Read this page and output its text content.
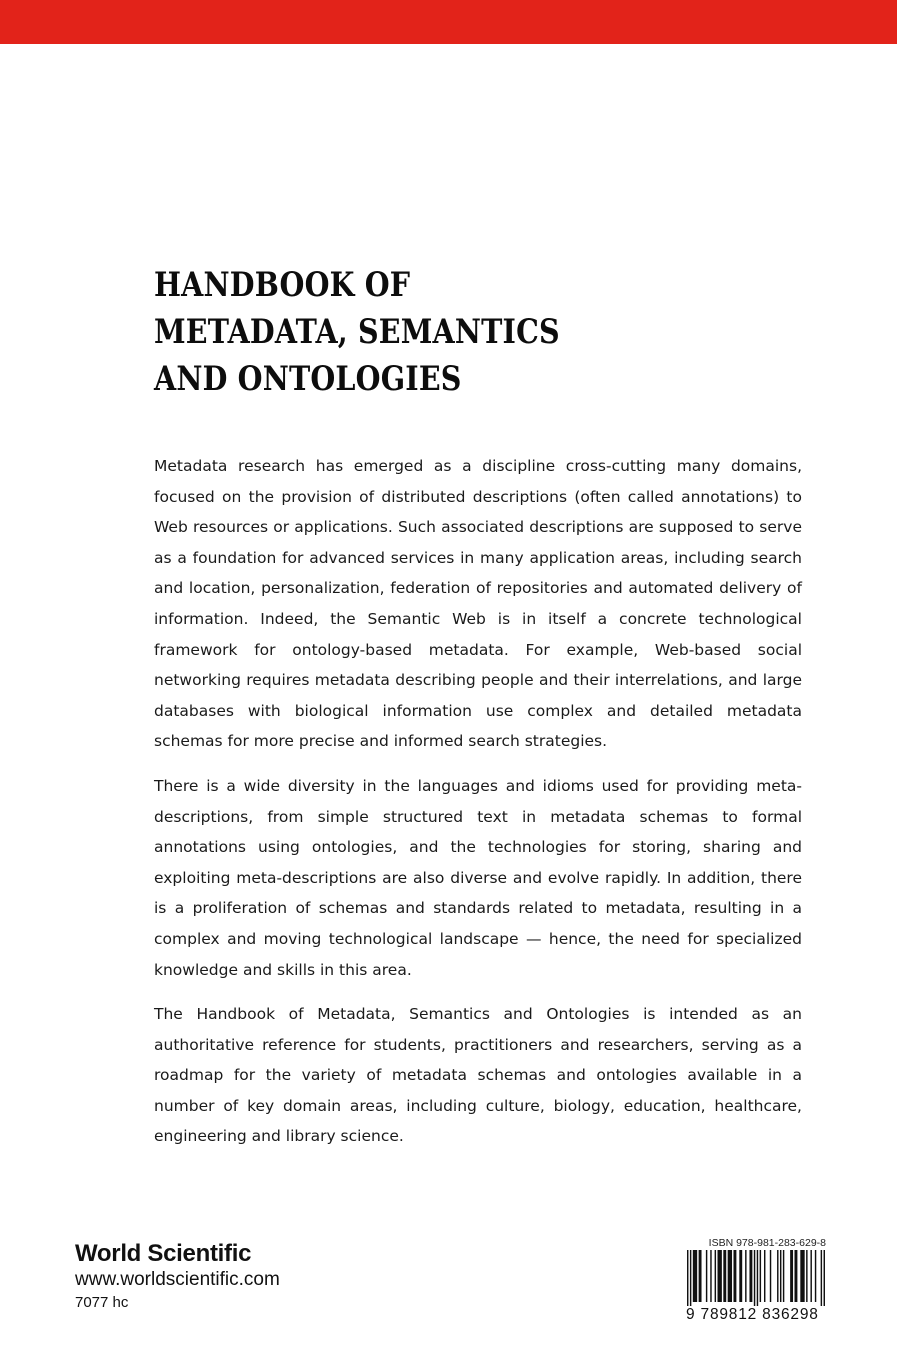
HANDBOOK OF
METADATA, SEMANTICS
AND ONTOLOGIES

Metadata research has emerged as a discipline cross-cutting many domains, focused on the provision of distributed descriptions (often called annotations) to Web resources or applications. Such associated descriptions are supposed to serve as a foundation for advanced services in many application areas, including search and location, personalization, federation of repositories and automated delivery of information. Indeed, the Semantic Web is in itself a concrete technological framework for ontology-based metadata. For example, Web-based social networking requires metadata describing people and their interrelations, and large databases with biological information use complex and detailed metadata schemas for more precise and informed search strategies.

There is a wide diversity in the languages and idioms used for providing meta-descriptions, from simple structured text in metadata schemas to formal annotations using ontologies, and the technologies for storing, sharing and exploiting meta-descriptions are also diverse and evolve rapidly. In addition, there is a proliferation of schemas and standards related to metadata, resulting in a complex and moving technological landscape — hence, the need for specialized knowledge and skills in this area.

The Handbook of Metadata, Semantics and Ontologies is intended as an authoritative reference for students, practitioners and researchers, serving as a roadmap for the variety of metadata schemas and ontologies available in a number of key domain areas, including culture, biology, education, healthcare, engineering and library science.

World Scientific
www.worldscientific.com
7077 hc
ISBN 978-981-283-629-8
9 789812 836298
